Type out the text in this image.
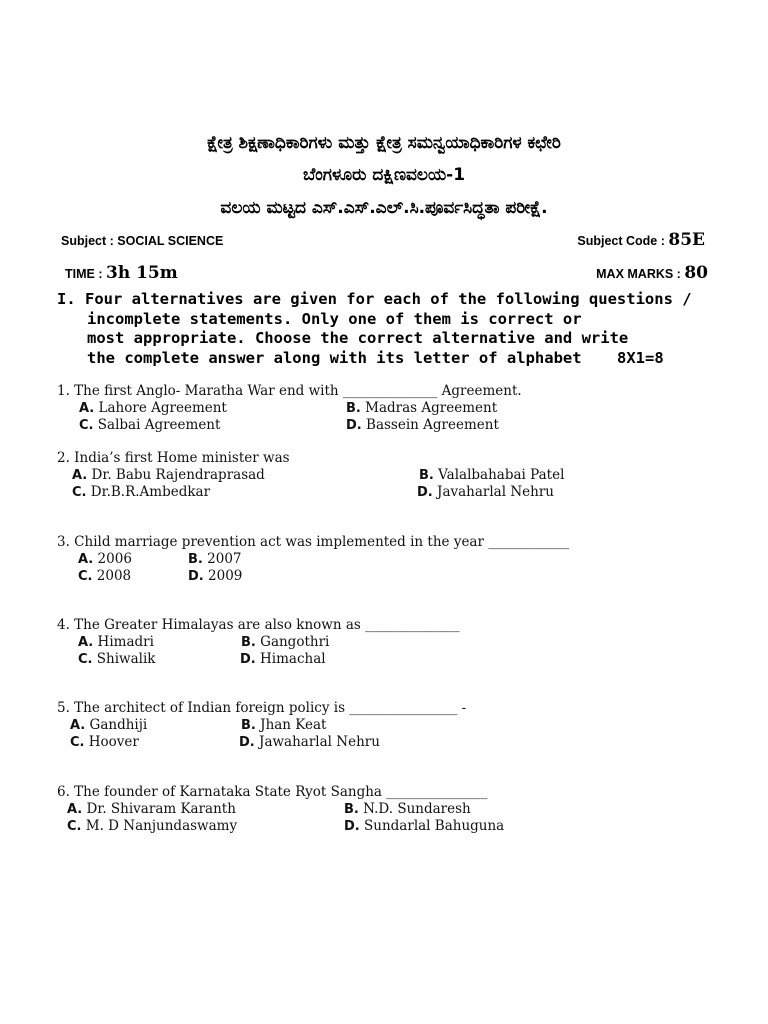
ಕ್ಷೇತ್ರ ಶಿಕ್ಷಣಾಧಿಕಾರಿಗಳು ಮತ್ತು ಕ್ಷೇತ್ರ ಸಮನ್ವಯಾಧಿಕಾರಿಗಳ ಕಛೇರಿ
ಬೆಂಗಳೂರು ದಕ್ಷಿಣವಲಯ-1
ವಲಯ ಮಟ್ಟದ ಎಸ್.ಎಸ್.ಎಲ್.ಸಿ.ಪೂರ್ವಸಿದ್ಧತಾ ಪರೀಕ್ಷೆ.
Subject : SOCIAL SCIENCE	Subject Code : 85E
TIME : 3h 15m	MAX MARKS : 80
I. Four alternatives are given for each of the following questions /
incomplete statements. Only one of them is correct or
most appropriate. Choose the correct alternative and write
the complete answer along with its letter of alphabet 8X1=8
1. The first Anglo- Maratha War end with ______________ Agreement.
A. Lahore Agreement	B. Madras Agreement
C. Salbai Agreement	D. Bassein Agreement
2. India’s first Home minister was
A. Dr. Babu Rajendraprasad	B. Valalbahabai Patel
C. Dr.B.R.Ambedkar	D. Javaharlal Nehru
3. Child marriage prevention act was implemented in the year ____________
A. 2006	B. 2007
C. 2008	D. 2009
4. The Greater Himalayas are also known as ______________
A. Himadri	B. Gangothri
C. Shiwalik	D. Himachal
5. The architect of Indian foreign policy is ________________ -
A. Gandhiji	B. Jhan Keat
C. Hoover	D. Jawaharlal Nehru
6. The founder of Karnataka State Ryot Sangha _______________
A. Dr. Shivaram Karanth	B. N.D. Sundaresh
C. M. D Nanjundaswamy	D. Sundarlal Bahuguna
